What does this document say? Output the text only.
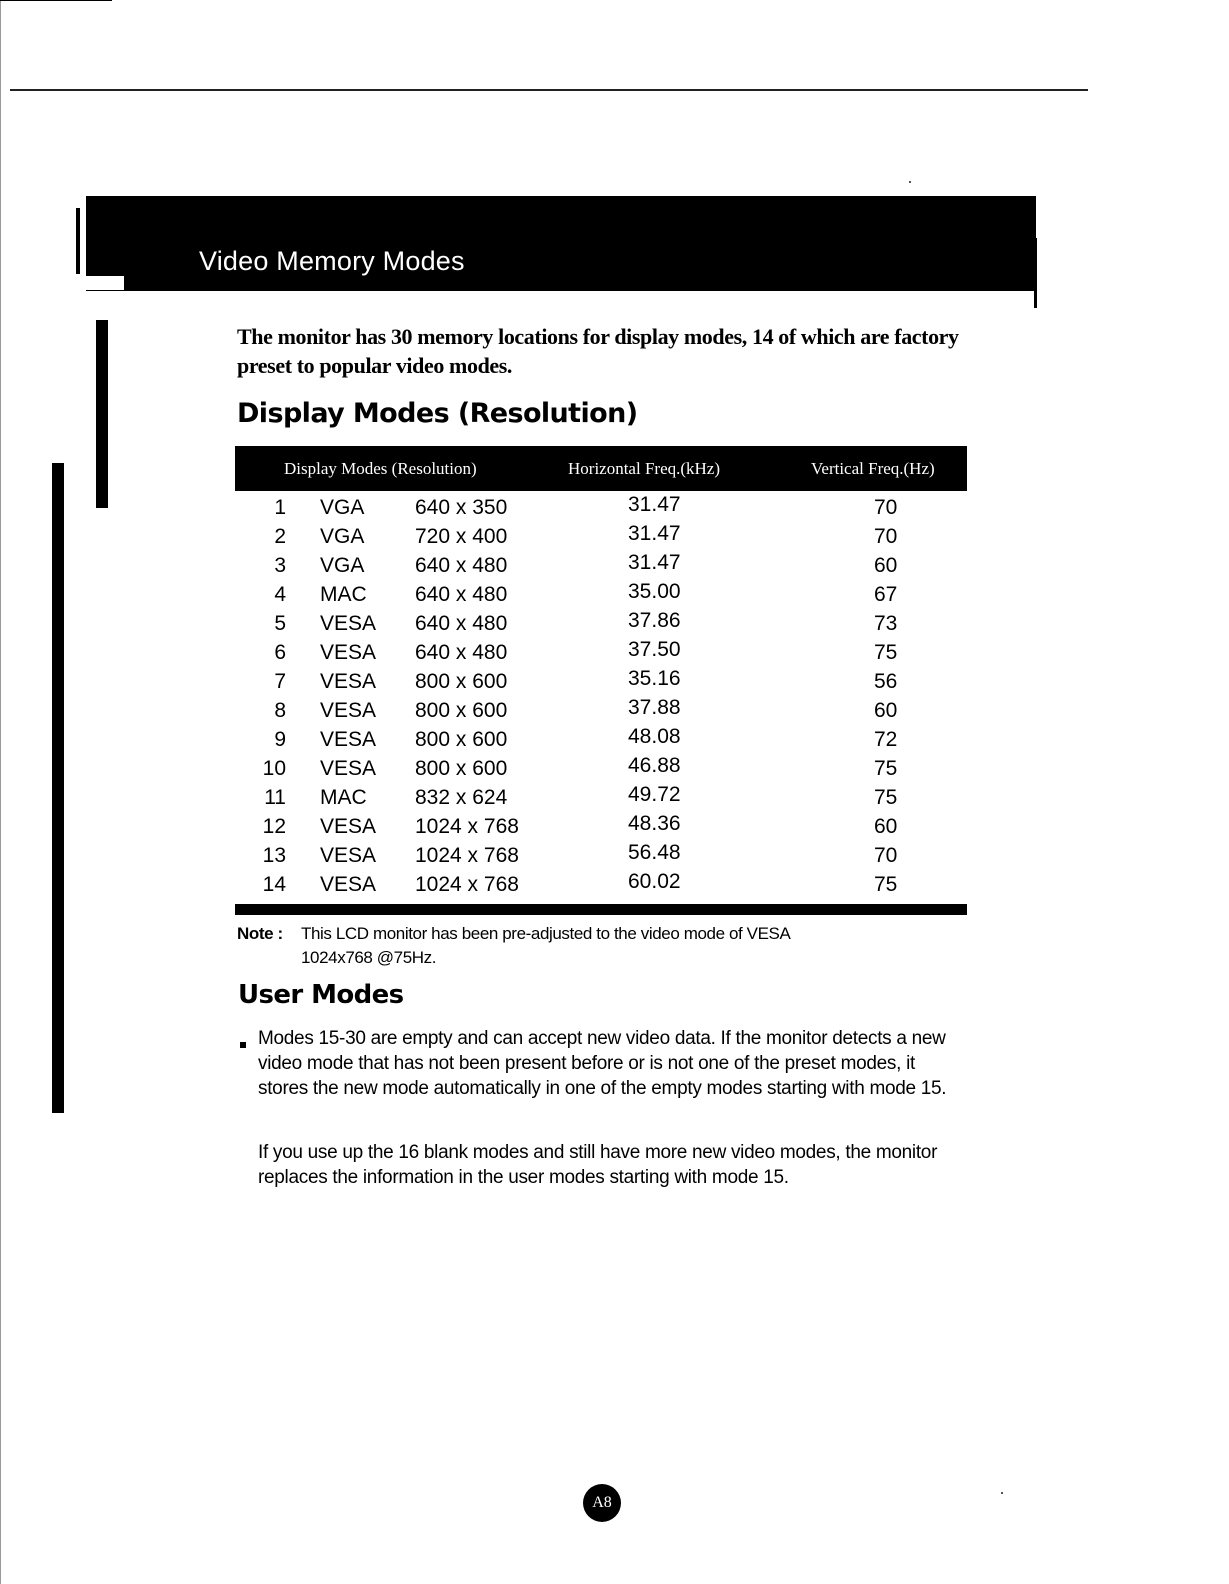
Video Memory Modes
The monitor has 30 memory locations for display modes, 14 of which are factory preset to popular video modes.
Display Modes (Resolution)
Display Modes (Resolution)	Horizontal Freq.(kHz)	Vertical Freq.(Hz)
1 VGA 640 x 350	31.47	70
2 VGA 720 x 400	31.47	70
3 VGA 640 x 480	31.47	60
4 MAC 640 x 480	35.00	67
5 VESA 640 x 480	37.86	73
6 VESA 640 x 480	37.50	75
7 VESA 800 x 600	35.16	56
8 VESA 800 x 600	37.88	60
9 VESA 800 x 600	48.08	72
10 VESA 800 x 600	46.88	75
11 MAC 832 x 624	49.72	75
12 VESA 1024 x 768	48.36	60
13 VESA 1024 x 768	56.48	70
14 VESA 1024 x 768	60.02	75
Note : This LCD monitor has been pre-adjusted to the video mode of VESA 1024x768 @75Hz.
User Modes
Modes 15-30 are empty and can accept new video data. If the monitor detects a new video mode that has not been present before or is not one of the preset modes, it stores the new mode automatically in one of the empty modes starting with mode 15.
If you use up the 16 blank modes and still have more new video modes, the monitor replaces the information in the user modes starting with mode 15.
A8
